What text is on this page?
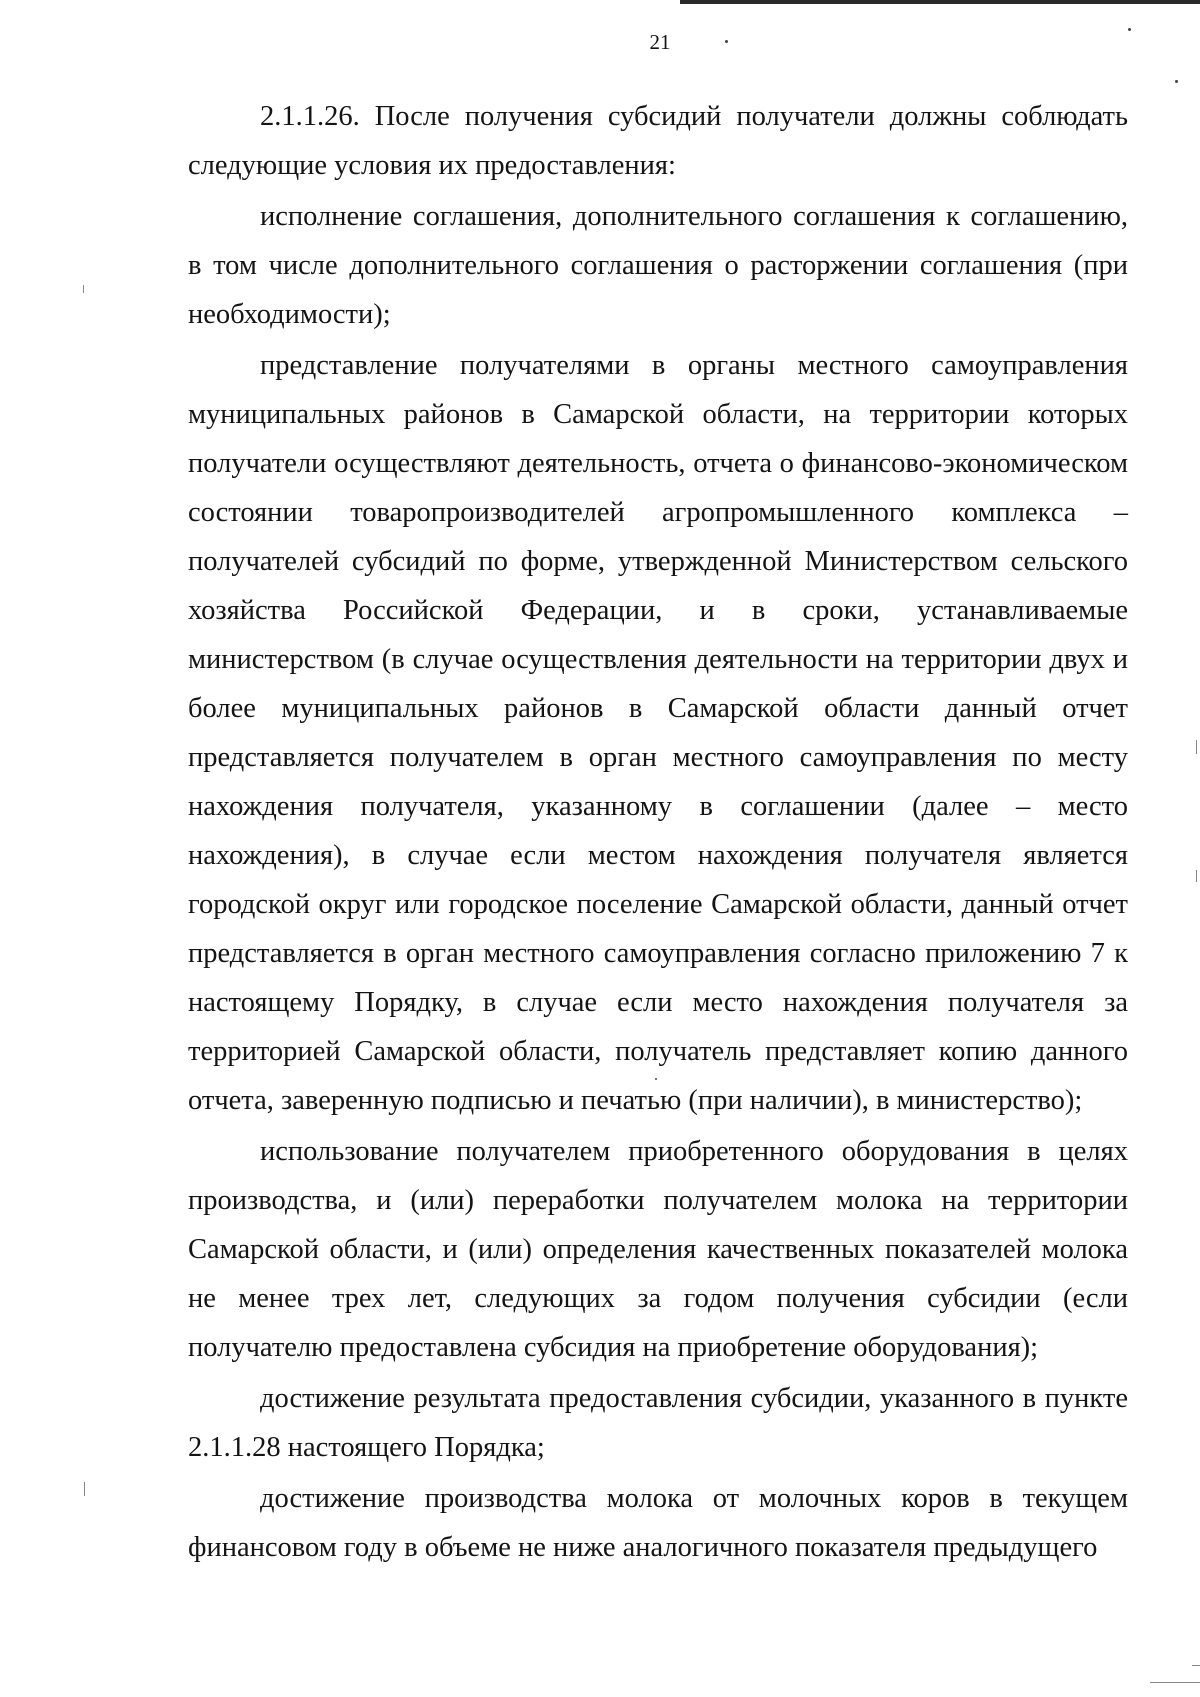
21

2.1.1.26. После получения субсидий получатели должны соблюдать следующие условия их предоставления:

исполнение соглашения, дополнительного соглашения к соглашению, в том числе дополнительного соглашения о расторжении соглашения (при необходимости);

представление получателями в органы местного самоуправления муниципальных районов в Самарской области, на территории которых получатели осуществляют деятельность, отчета о финансово-экономическом состоянии товаропроизводителей агропромышленного комплекса – получателей субсидий по форме, утвержденной Министерством сельского хозяйства Российской Федерации, и в сроки, устанавливаемые министерством (в случае осуществления деятельности на территории двух и более муниципальных районов в Самарской области данный отчет представляется получателем в орган местного самоуправления по месту нахождения получателя, указанному в соглашении (далее – место нахождения), в случае если местом нахождения получателя является городской округ или городское поселение Самарской области, данный отчет представляется в орган местного самоуправления согласно приложению 7 к настоящему Порядку, в случае если место нахождения получателя за территорией Самарской области, получатель представляет копию данного отчета, заверенную подписью и печатью (при наличии), в министерство);

использование получателем приобретенного оборудования в целях производства, и (или) переработки получателем молока на территории Самарской области, и (или) определения качественных показателей молока не менее трех лет, следующих за годом получения субсидии (если получателю предоставлена субсидия на приобретение оборудования);

достижение результата предоставления субсидии, указанного в пункте 2.1.1.28 настоящего Порядка;

достижение производства молока от молочных коров в текущем финансовом году в объеме не ниже аналогичного показателя предыдущего
